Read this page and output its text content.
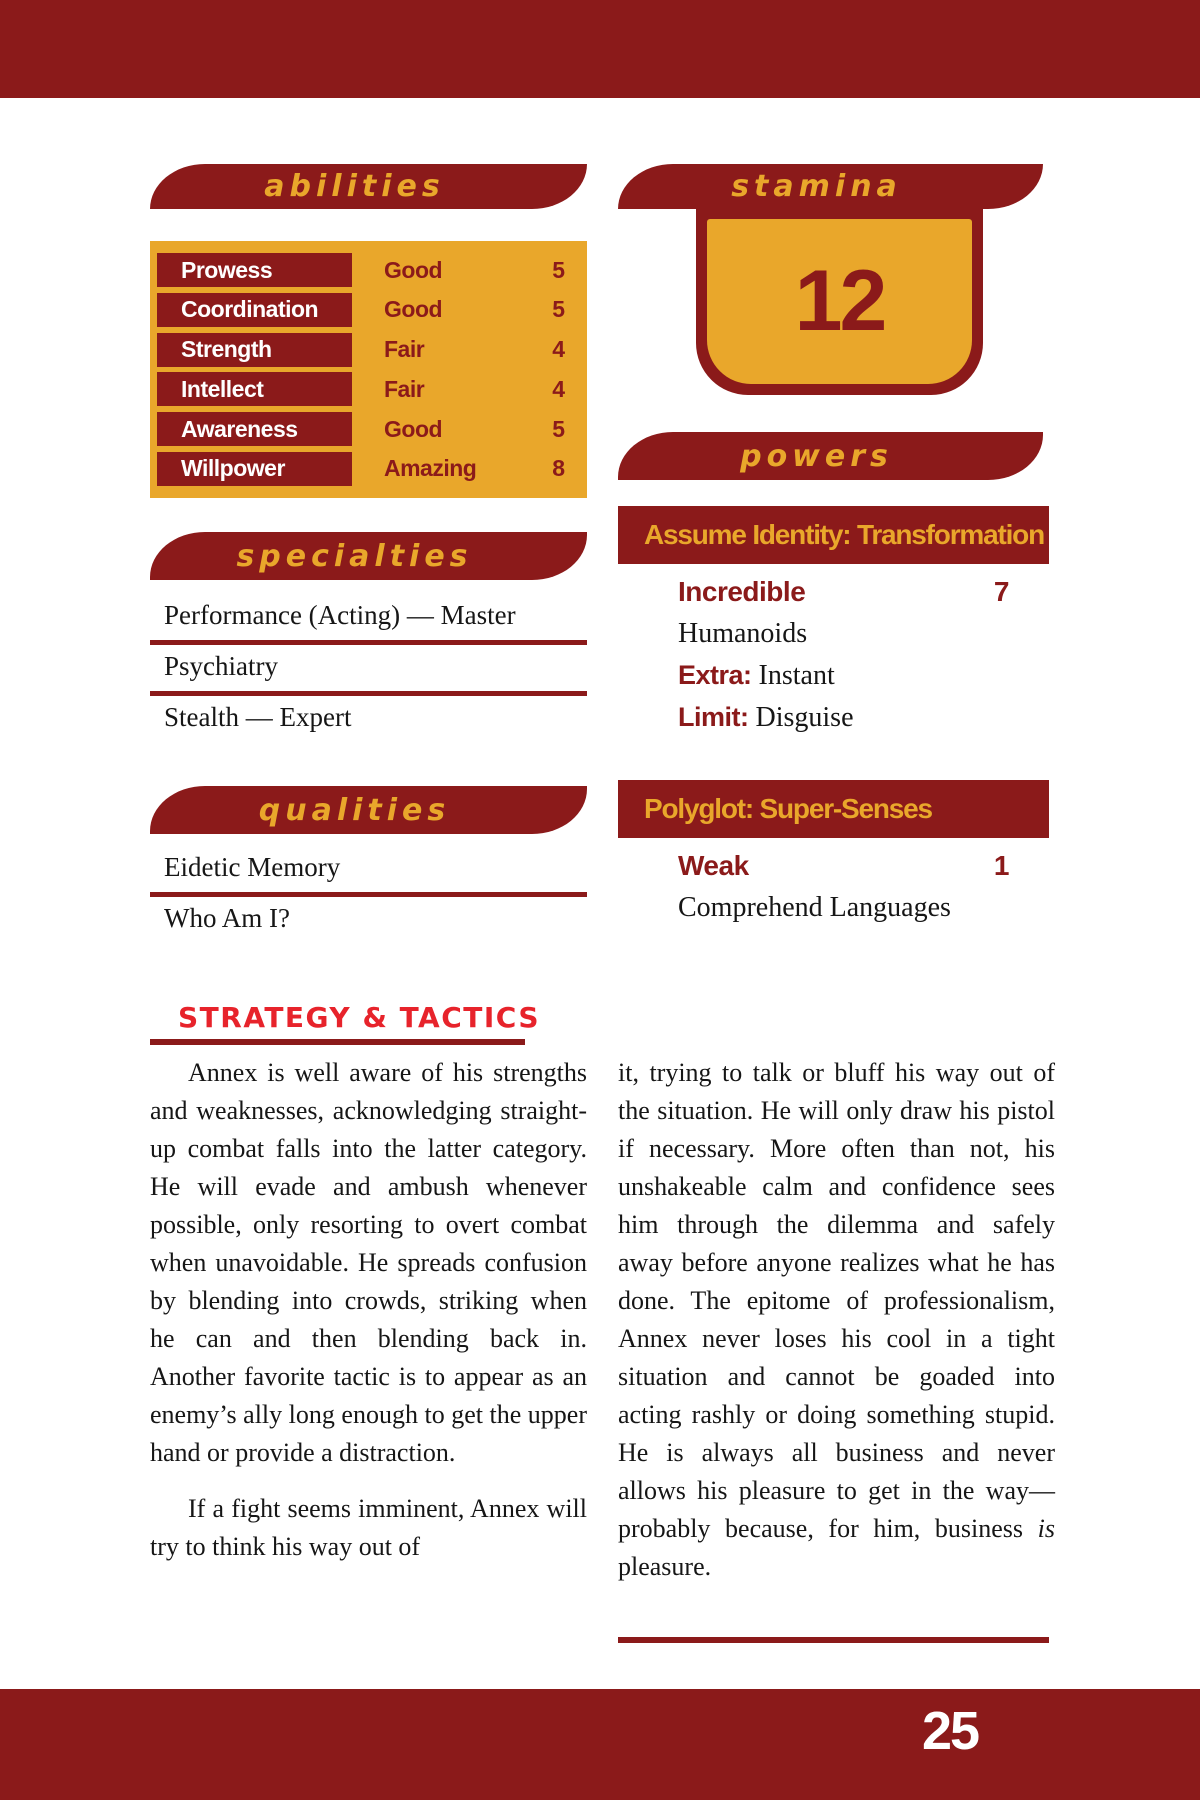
abilities
Prowess	Good	5
Coordination	Good	5
Strength	Fair	4
Intellect	Fair	4
Awareness	Good	5
Willpower	Amazing	8
specialties
Performance (Acting) — Master
Psychiatry
Stealth — Expert
qualities
Eidetic Memory
Who Am I?
STRATEGY & TACTICS

Annex is well aware of his strengths and weaknesses, acknowledging straight-up combat falls into the latter category. He will evade and ambush whenever possible, only resorting to overt combat when unavoidable. He spreads confusion by blending into crowds, striking when he can and then blending back in. Another favorite tactic is to appear as an enemy’s ally long enough to get the upper hand or provide a distraction.

If a fight seems imminent, Annex will try to think his way out of

stamina
12
powers
Assume Identity: Transformation
Incredible	7
Humanoids
Extra: Instant
Limit: Disguise
Polyglot: Super-Senses
Weak	1
Comprehend Languages

it, trying to talk or bluff his way out of the situation. He will only draw his pistol if necessary. More often than not, his unshakeable calm and confidence sees him through the dilemma and safely away before anyone realizes what he has done. The epitome of professionalism, Annex never loses his cool in a tight situation and cannot be goaded into acting rashly or doing something stupid. He is always all business and never allows his pleasure to get in the way—probably because, for him, business is pleasure.

25
